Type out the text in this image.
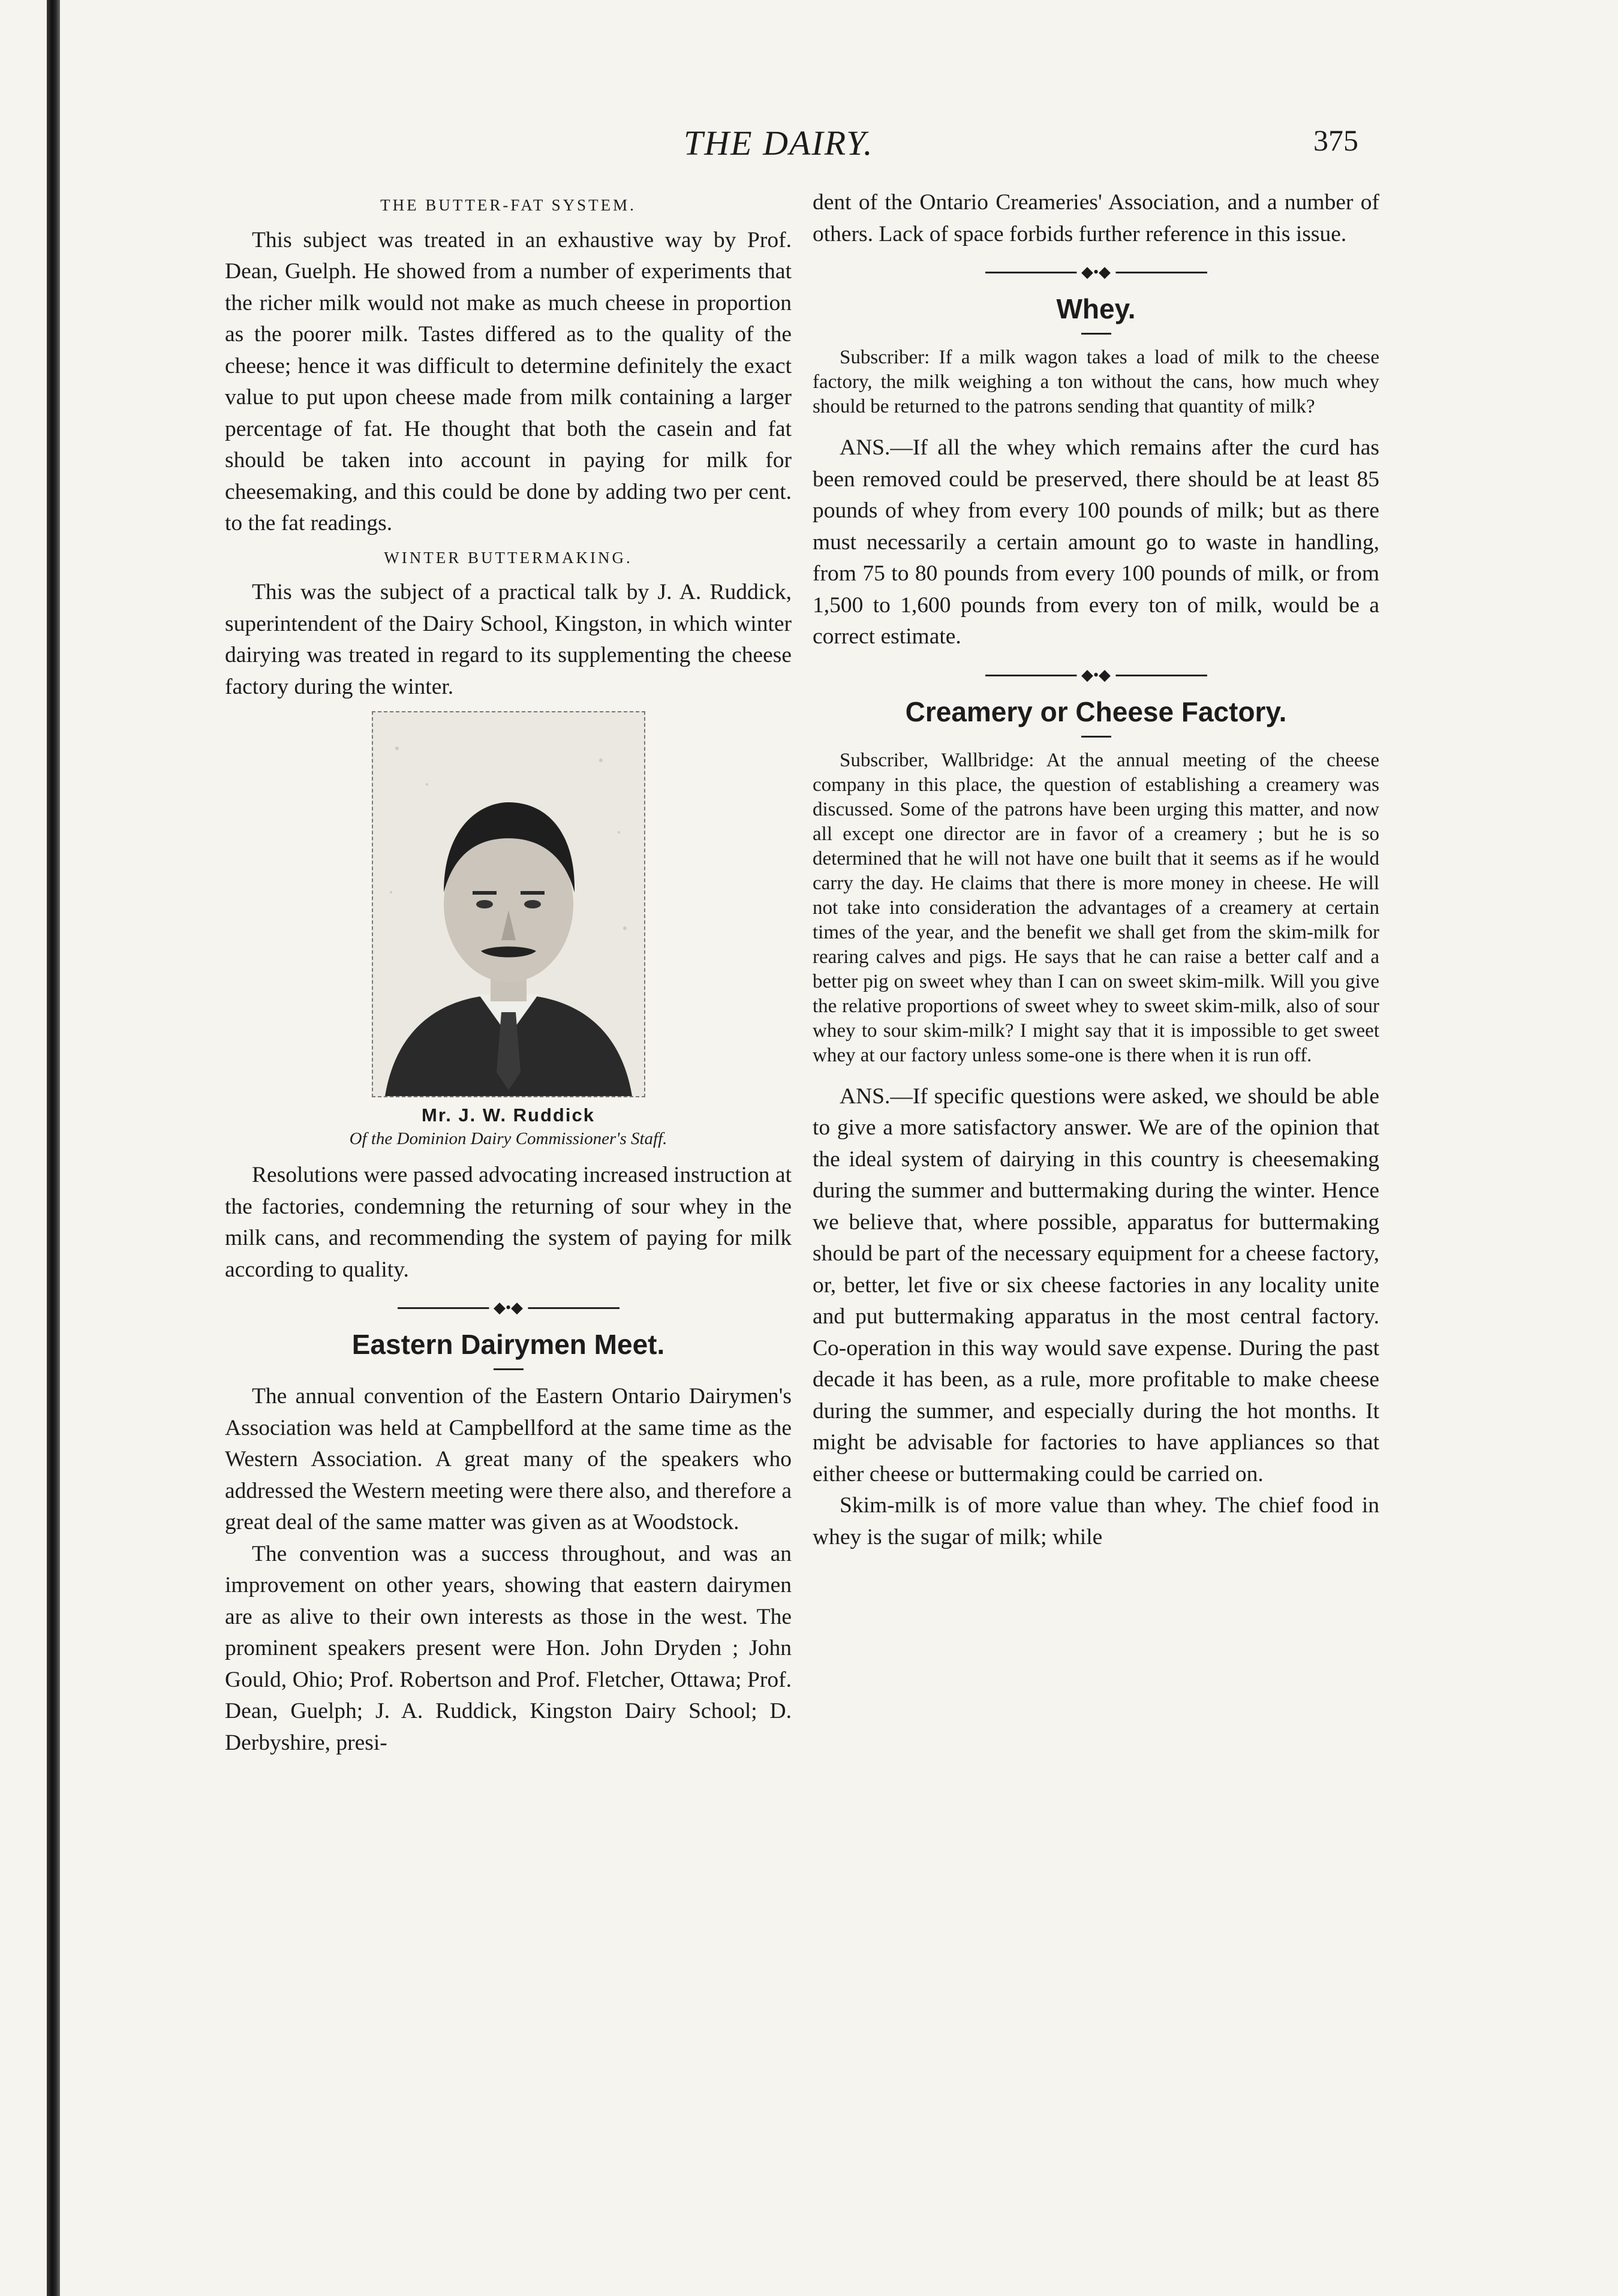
THE DAIRY.	375
THE BUTTER-FAT SYSTEM.

This subject was treated in an exhaustive way by Prof. Dean, Guelph. He showed from a number of experiments that the richer milk would not make as much cheese in proportion as the poorer milk. Tastes differed as to the quality of the cheese; hence it was difficult to determine definitely the exact value to put upon cheese made from milk containing a larger percentage of fat. He thought that both the casein and fat should be taken into account in paying for milk for cheesemaking, and this could be done by adding two per cent. to the fat readings.

WINTER BUTTERMAKING.

This was the subject of a practical talk by J. A. Ruddick, superintendent of the Dairy School, Kingston, in which winter dairying was treated in regard to its supplementing the cheese factory during the winter.

Mr. J. W. Ruddick
Of the Dominion Dairy Commissioner's Staff.

Resolutions were passed advocating increased instruction at the factories, condemning the returning of sour whey in the milk cans, and recommending the system of paying for milk according to quality.

◆•◆
Eastern Dairymen Meet.

The annual convention of the Eastern Ontario Dairymen's Association was held at Campbellford at the same time as the Western Association. A great many of the speakers who addressed the Western meeting were there also, and therefore a great deal of the same matter was given as at Woodstock.

The convention was a success throughout, and was an improvement on other years, showing that eastern dairymen are as alive to their own interests as those in the west. The prominent speakers present were Hon. John Dryden ; John Gould, Ohio; Prof. Robertson and Prof. Fletcher, Ottawa; Prof. Dean, Guelph; J. A. Ruddick, Kingston Dairy School; D. Derbyshire, presi-

dent of the Ontario Creameries' Association, and a number of others. Lack of space forbids further reference in this issue.

◆•◆
Whey.

Subscriber: If a milk wagon takes a load of milk to the cheese factory, the milk weighing a ton without the cans, how much whey should be returned to the patrons sending that quantity of milk?

ANS.—If all the whey which remains after the curd has been removed could be preserved, there should be at least 85 pounds of whey from every 100 pounds of milk; but as there must necessarily a certain amount go to waste in handling, from 75 to 80 pounds from every 100 pounds of milk, or from 1,500 to 1,600 pounds from every ton of milk, would be a correct estimate.

◆•◆
Creamery or Cheese Factory.

Subscriber, Wallbridge: At the annual meeting of the cheese company in this place, the question of establishing a creamery was discussed. Some of the patrons have been urging this matter, and now all except one director are in favor of a creamery ; but he is so determined that he will not have one built that it seems as if he would carry the day. He claims that there is more money in cheese. He will not take into consideration the advantages of a creamery at certain times of the year, and the benefit we shall get from the skim-milk for rearing calves and pigs. He says that he can raise a better calf and a better pig on sweet whey than I can on sweet skim-milk. Will you give the relative proportions of sweet whey to sweet skim-milk, also of sour whey to sour skim-milk? I might say that it is impossible to get sweet whey at our factory unless some-one is there when it is run off.

ANS.—If specific questions were asked, we should be able to give a more satisfactory answer. We are of the opinion that the ideal system of dairying in this country is cheesemaking during the summer and buttermaking during the winter. Hence we believe that, where possible, apparatus for buttermaking should be part of the necessary equipment for a cheese factory, or, better, let five or six cheese factories in any locality unite and put buttermaking apparatus in the most central factory. Co-operation in this way would save expense. During the past decade it has been, as a rule, more profitable to make cheese during the summer, and especially during the hot months. It might be advisable for factories to have appliances so that either cheese or buttermaking could be carried on.

Skim-milk is of more value than whey. The chief food in whey is the sugar of milk; while
